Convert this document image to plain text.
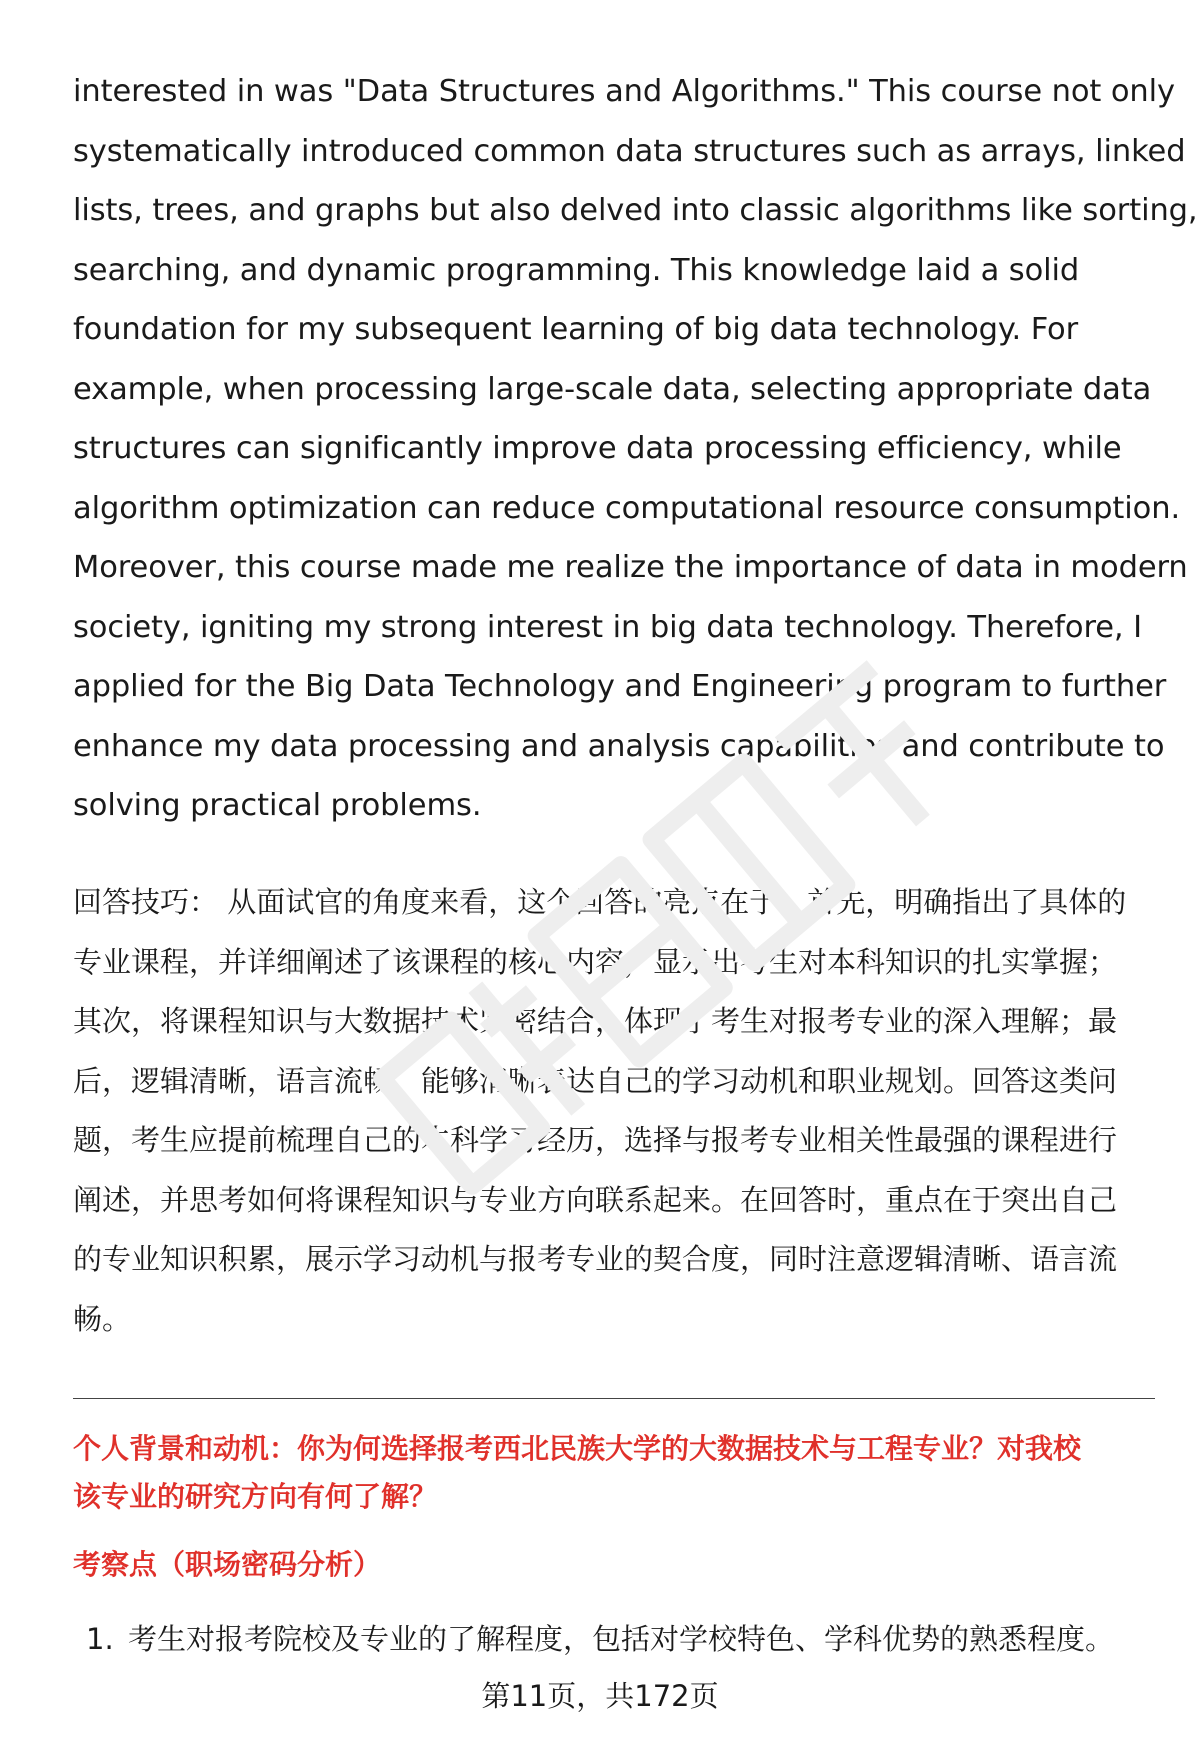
interested in was "Data Structures and Algorithms." This course not only
systematically introduced common data structures such as arrays, linked
lists, trees, and graphs but also delved into classic algorithms like sorting,
searching, and dynamic programming. This knowledge laid a solid
foundation for my subsequent learning of big data technology. For
example, when processing large-scale data, selecting appropriate data
structures can significantly improve data processing efficiency, while
algorithm optimization can reduce computational resource consumption.
Moreover, this course made me realize the importance of data in modern
society, igniting my strong interest in big data technology. Therefore, I
applied for the Big Data Technology and Engineering program to further
enhance my data processing and analysis capabilities and contribute to
solving practical problems.

回答技巧： 从面试官的角度来看，这个回答的亮点在于：首先，明确指出了具体的
专业课程，并详细阐述了该课程的核心内容，显示出考生对本科知识的扎实掌握；
其次，将课程知识与大数据技术紧密结合，体现了考生对报考专业的深入理解；最
后，逻辑清晰，语言流畅，能够清晰表达自己的学习动机和职业规划。回答这类问
题，考生应提前梳理自己的本科学习经历，选择与报考专业相关性最强的课程进行
阐述，并思考如何将课程知识与专业方向联系起来。在回答时，重点在于突出自己
的专业知识积累，展示学习动机与报考专业的契合度，同时注意逻辑清晰、语言流
畅。

个人背景和动机：你为何选择报考西北民族大学的大数据技术与工程专业？对我校
该专业的研究方向有何了解？
考察点（职场密码分析）
1. 考生对报考院校及专业的了解程度，包括对学校特色、学科优势的熟悉程度。
第11页，共172页
